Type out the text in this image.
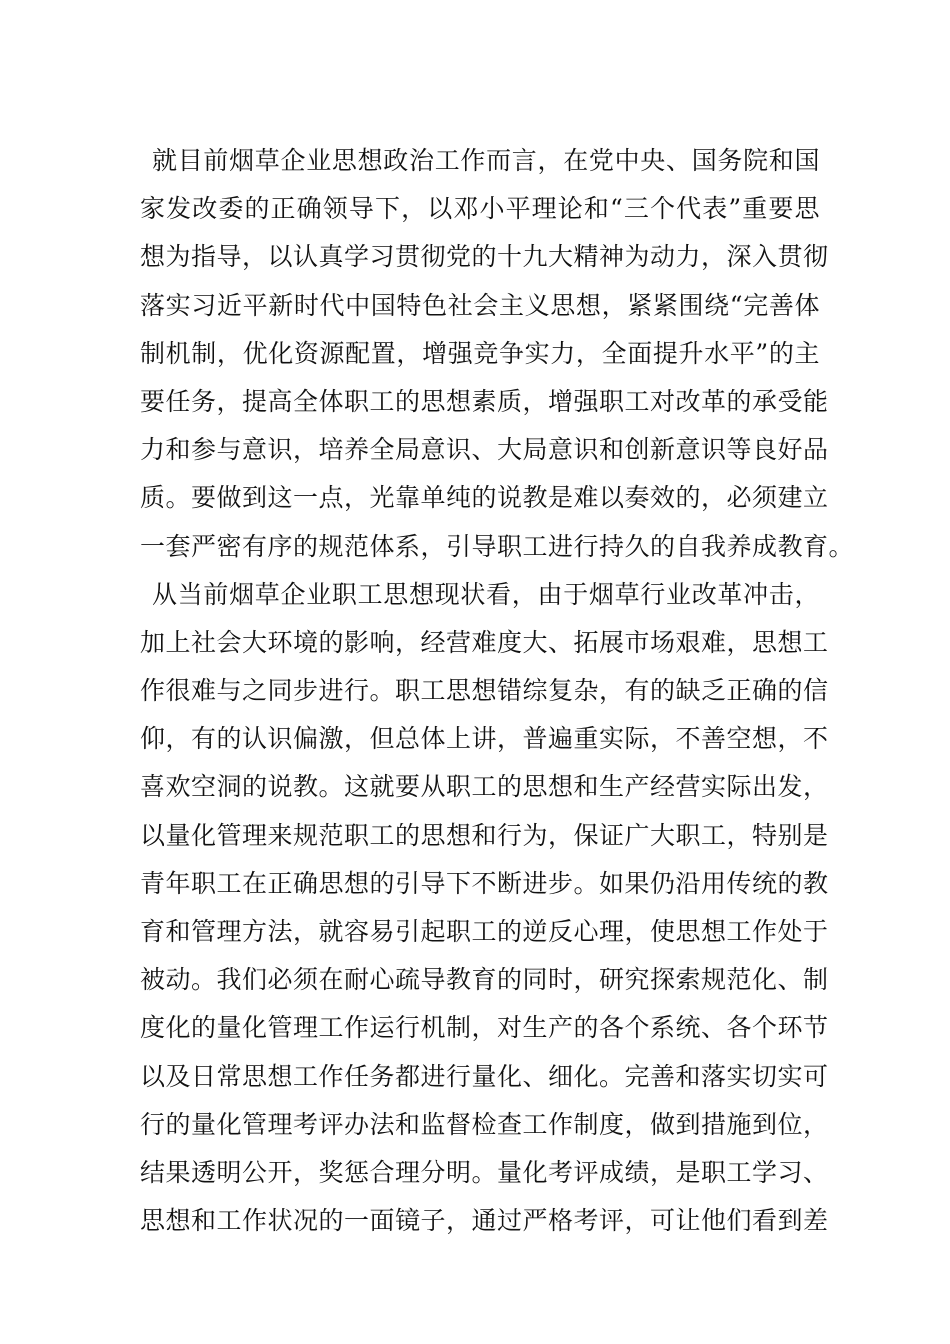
就目前烟草企业思想政治工作而言，在党中央、国务院和国
家发改委的正确领导下，以邓小平理论和“三个代表”重要思
想为指导，以认真学习贯彻党的十九大精神为动力，深入贯彻
落实习近平新时代中国特色社会主义思想，紧紧围绕“完善体
制机制，优化资源配置，增强竞争实力，全面提升水平”的主
要任务，提高全体职工的思想素质，增强职工对改革的承受能
力和参与意识，培养全局意识、大局意识和创新意识等良好品
质。要做到这一点，光靠单纯的说教是难以奏效的，必须建立
一套严密有序的规范体系，引导职工进行持久的自我养成教育。
从当前烟草企业职工思想现状看，由于烟草行业改革冲击，
加上社会大环境的影响，经营难度大、拓展市场艰难，思想工
作很难与之同步进行。职工思想错综复杂，有的缺乏正确的信
仰，有的认识偏激，但总体上讲，普遍重实际，不善空想，不
喜欢空洞的说教。这就要从职工的思想和生产经营实际出发，
以量化管理来规范职工的思想和行为，保证广大职工，特别是
青年职工在正确思想的引导下不断进步。如果仍沿用传统的教
育和管理方法，就容易引起职工的逆反心理，使思想工作处于
被动。我们必须在耐心疏导教育的同时，研究探索规范化、制
度化的量化管理工作运行机制，对生产的各个系统、各个环节
以及日常思想工作任务都进行量化、细化。完善和落实切实可
行的量化管理考评办法和监督检查工作制度，做到措施到位，
结果透明公开，奖惩合理分明。量化考评成绩，是职工学习、
思想和工作状况的一面镜子，通过严格考评，可让他们看到差
